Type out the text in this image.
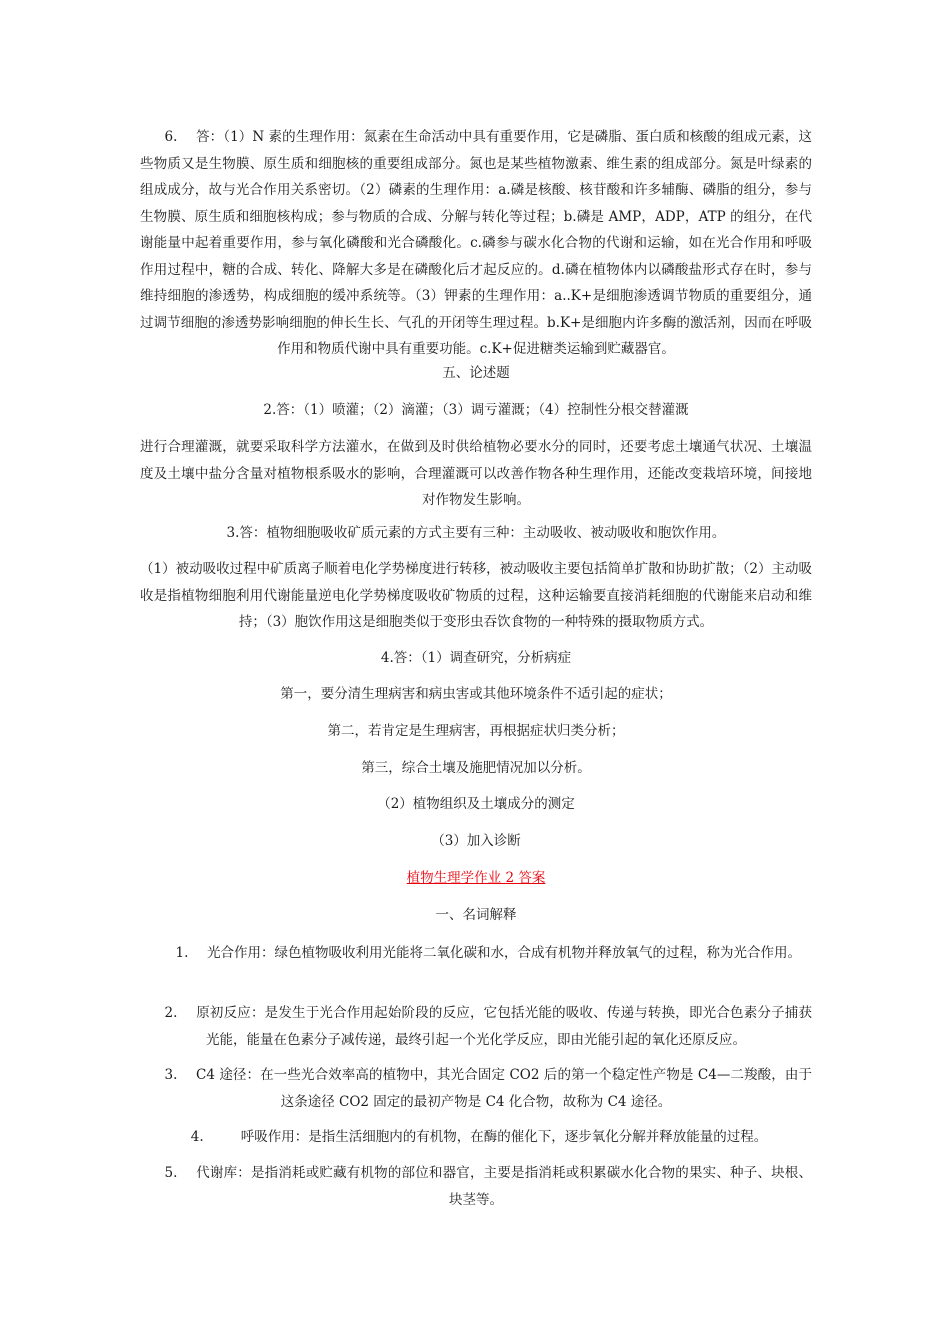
6. 答：（1）N 素的生理作用：氮素在生命活动中具有重要作用，它是磷脂、蛋白质和核酸的组成元素，这些物质又是生物膜、原生质和细胞核的重要组成部分。氮也是某些植物激素、维生素的组成部分。氮是叶绿素的组成成分，故与光合作用关系密切。（2）磷素的生理作用：a.磷是核酸、核苷酸和许多辅酶、磷脂的组分，参与生物膜、原生质和细胞核构成；参与物质的合成、分解与转化等过程；b.磷是 AMP，ADP，ATP 的组分，在代谢能量中起着重要作用，参与氧化磷酸和光合磷酸化。c.磷参与碳水化合物的代谢和运输，如在光合作用和呼吸作用过程中，糖的合成、转化、降解大多是在磷酸化后才起反应的。d.磷在植物体内以磷酸盐形式存在时，参与维持细胞的渗透势，构成细胞的缓冲系统等。（3）钾素的生理作用：a..K+是细胞渗透调节物质的重要组分，通过调节细胞的渗透势影响细胞的伸长生长、气孔的开闭等生理过程。b.K+是细胞内许多酶的激活剂，因而在呼吸作用和物质代谢中具有重要功能。c.K+促进糖类运输到贮藏器官。

五、论述题

2.答：（1）喷灌；（2）滴灌；（3）调亏灌溉；（4）控制性分根交替灌溉

进行合理灌溉，就要采取科学方法灌水，在做到及时供给植物必要水分的同时，还要考虑土壤通气状况、土壤温度及土壤中盐分含量对植物根系吸水的影响，合理灌溉可以改善作物各种生理作用，还能改变栽培环境，间接地对作物发生影响。

3.答：植物细胞吸收矿质元素的方式主要有三种：主动吸收、被动吸收和胞饮作用。

（1）被动吸收过程中矿质离子顺着电化学势梯度进行转移，被动吸收主要包括简单扩散和协助扩散；（2）主动吸收是指植物细胞利用代谢能量逆电化学势梯度吸收矿物质的过程，这种运输要直接消耗细胞的代谢能来启动和维持；（3）胞饮作用这是细胞类似于变形虫吞饮食物的一种特殊的摄取物质方式。

4.答：（1）调查研究，分析病症

第一，要分清生理病害和病虫害或其他环境条件不适引起的症状；

第二，若肯定是生理病害，再根据症状归类分析；

第三，综合土壤及施肥情况加以分析。

（2）植物组织及土壤成分的测定

（3）加入诊断

植物生理学作业 2 答案

一、名词解释

1. 光合作用：绿色植物吸收利用光能将二氧化碳和水，合成有机物并释放氧气的过程，称为光合作用。

2. 原初反应：是发生于光合作用起始阶段的反应，它包括光能的吸收、传递与转换，即光合色素分子捕获光能，能量在色素分子减传递，最终引起一个光化学反应，即由光能引起的氧化还原反应。

3. C4 途径：在一些光合效率高的植物中，其光合固定 CO2 后的第一个稳定性产物是 C4—二羧酸，由于这条途径 CO2 固定的最初产物是 C4 化合物，故称为 C4 途径。

4.	呼吸作用：是指生活细胞内的有机物，在酶的催化下，逐步氧化分解并释放能量的过程。

5. 代谢库：是指消耗或贮藏有机物的部位和器官，主要是指消耗或积累碳水化合物的果实、种子、块根、块茎等。
